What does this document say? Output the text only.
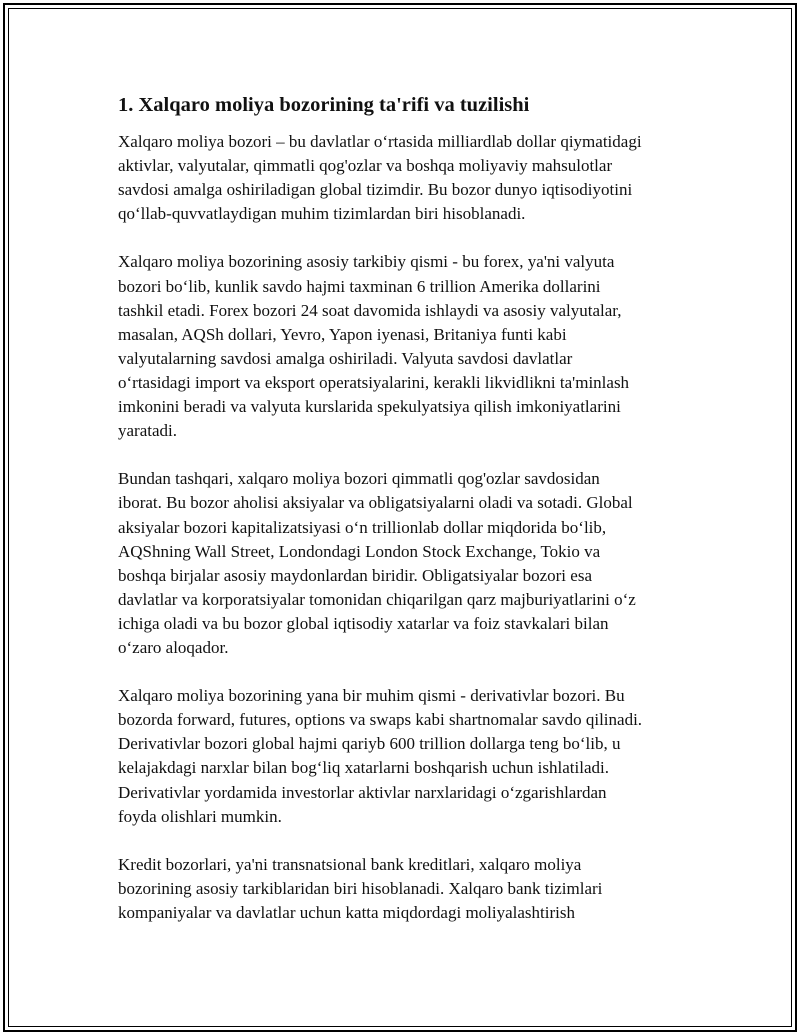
1. Xalqaro moliya bozorining ta'rifi va tuzilishi

Xalqaro moliya bozori – bu davlatlar o‘rtasida milliardlab dollar qiymatidagi
aktivlar, valyutalar, qimmatli qog'ozlar va boshqa moliyaviy mahsulotlar
savdosi amalga oshiriladigan global tizimdir. Bu bozor dunyo iqtisodiyotini
qo‘llab-quvvatlaydigan muhim tizimlardan biri hisoblanadi.

Xalqaro moliya bozorining asosiy tarkibiy qismi - bu forex, ya'ni valyuta
bozori bo‘lib, kunlik savdo hajmi taxminan 6 trillion Amerika dollarini
tashkil etadi. Forex bozori 24 soat davomida ishlaydi va asosiy valyutalar,
masalan, AQSh dollari, Yevro, Yapon iyenasi, Britaniya funti kabi
valyutalarning savdosi amalga oshiriladi. Valyuta savdosi davlatlar
o‘rtasidagi import va eksport operatsiyalarini, kerakli likvidlikni ta'minlash
imkonini beradi va valyuta kurslarida spekulyatsiya qilish imkoniyatlarini
yaratadi.

Bundan tashqari, xalqaro moliya bozori qimmatli qog'ozlar savdosidan
iborat. Bu bozor aholisi aksiyalar va obligatsiyalarni oladi va sotadi. Global
aksiyalar bozori kapitalizatsiyasi o‘n trillionlab dollar miqdorida bo‘lib,
AQShning Wall Street, Londondagi London Stock Exchange, Tokio va
boshqa birjalar asosiy maydonlardan biridir. Obligatsiyalar bozori esa
davlatlar va korporatsiyalar tomonidan chiqarilgan qarz majburiyatlarini o‘z
ichiga oladi va bu bozor global iqtisodiy xatarlar va foiz stavkalari bilan
o‘zaro aloqador.

Xalqaro moliya bozorining yana bir muhim qismi - derivativlar bozori. Bu
bozorda forward, futures, options va swaps kabi shartnomalar savdo qilinadi.
Derivativlar bozori global hajmi qariyb 600 trillion dollarga teng bo‘lib, u
kelajakdagi narxlar bilan bog‘liq xatarlarni boshqarish uchun ishlatiladi.
Derivativlar yordamida investorlar aktivlar narxlaridagi o‘zgarishlardan
foyda olishlari mumkin.

Kredit bozorlari, ya'ni transnatsional bank kreditlari, xalqaro moliya
bozorining asosiy tarkiblaridan biri hisoblanadi. Xalqaro bank tizimlari
kompaniyalar va davlatlar uchun katta miqdordagi moliyalashtirish
